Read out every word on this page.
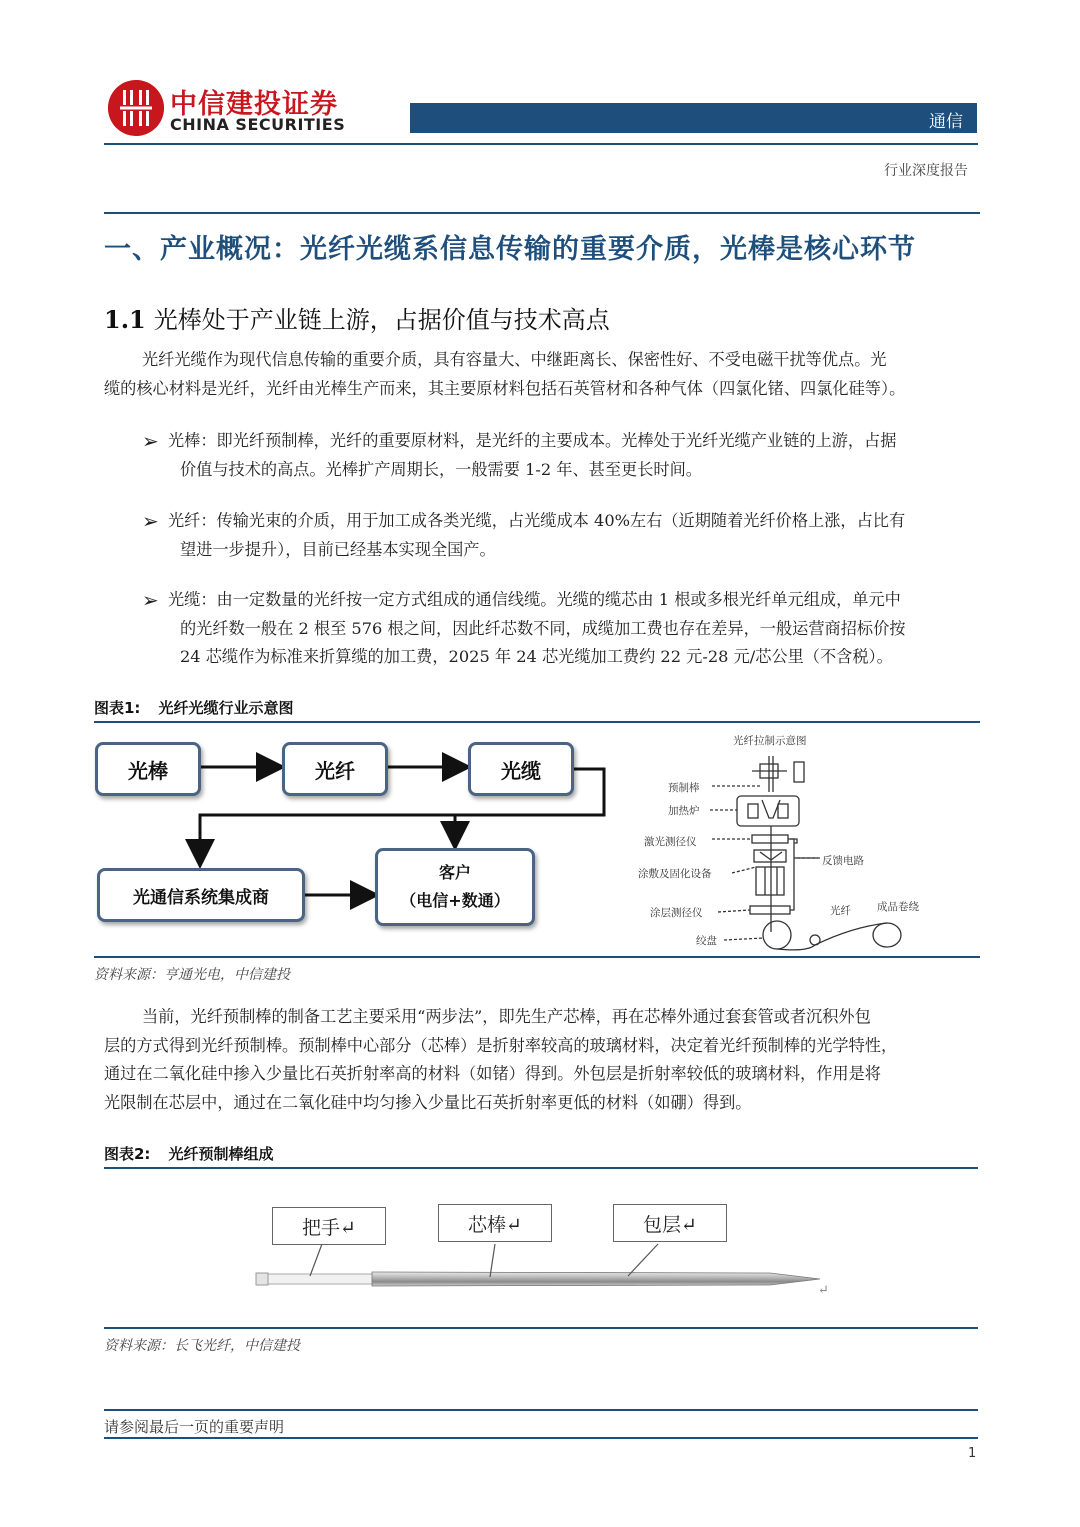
中信建投证券
CHINA SECURITIES	通信
行业深度报告
一、产业概况：光纤光缆系信息传输的重要介质，光棒是核心环节
1.1 光棒处于产业链上游，占据价值与技术高点
光纤光缆作为现代信息传输的重要介质，具有容量大、中继距离长、保密性好、不受电磁干扰等优点。光
缆的核心材料是光纤，光纤由光棒生产而来，其主要原材料包括石英管材和各种气体（四氯化锗、四氯化硅等）。
➢ 光棒：即光纤预制棒，光纤的重要原材料，是光纤的主要成本。光棒处于光纤光缆产业链的上游，占据
价值与技术的高点。光棒扩产周期长，一般需要 1-2 年、甚至更长时间。
➢ 光纤：传输光束的介质，用于加工成各类光缆，占光缆成本 40%左右（近期随着光纤价格上涨，占比有
望进一步提升），目前已经基本实现全国产。
➢ 光缆：由一定数量的光纤按一定方式组成的通信线缆。光缆的缆芯由 1 根或多根光纤单元组成，单元中
的光纤数一般在 2 根至 576 根之间，因此纤芯数不同，成缆加工费也存在差异，一般运营商招标价按
24 芯缆作为标准来折算缆的加工费，2025 年 24 芯光缆加工费约 22 元-28 元/芯公里（不含税）。
图表1: 光纤光缆行业示意图
光棒	光纤	光缆
光通信系统集成商
客户
（电信+数通）
光纤拉制示意图
预制棒
加热炉
激光测径仪
涂敷及固化设备
涂层测径仪
绞盘
反馈电路
光纤 成品卷绕
资料来源：亨通光电，中信建投
当前，光纤预制棒的制备工艺主要采用“两步法”，即先生产芯棒，再在芯棒外通过套套管或者沉积外包
层的方式得到光纤预制棒。预制棒中心部分（芯棒）是折射率较高的玻璃材料，决定着光纤预制棒的光学特性，
通过在二氧化硅中掺入少量比石英折射率高的材料（如锗）得到。外包层是折射率较低的玻璃材料，作用是将
光限制在芯层中，通过在二氧化硅中均匀掺入少量比石英折射率更低的材料（如硼）得到。
图表2: 光纤预制棒组成
把手↵	芯棒↵	包层↵
↵
资料来源：长飞光纤，中信建投
请参阅最后一页的重要声明
1
